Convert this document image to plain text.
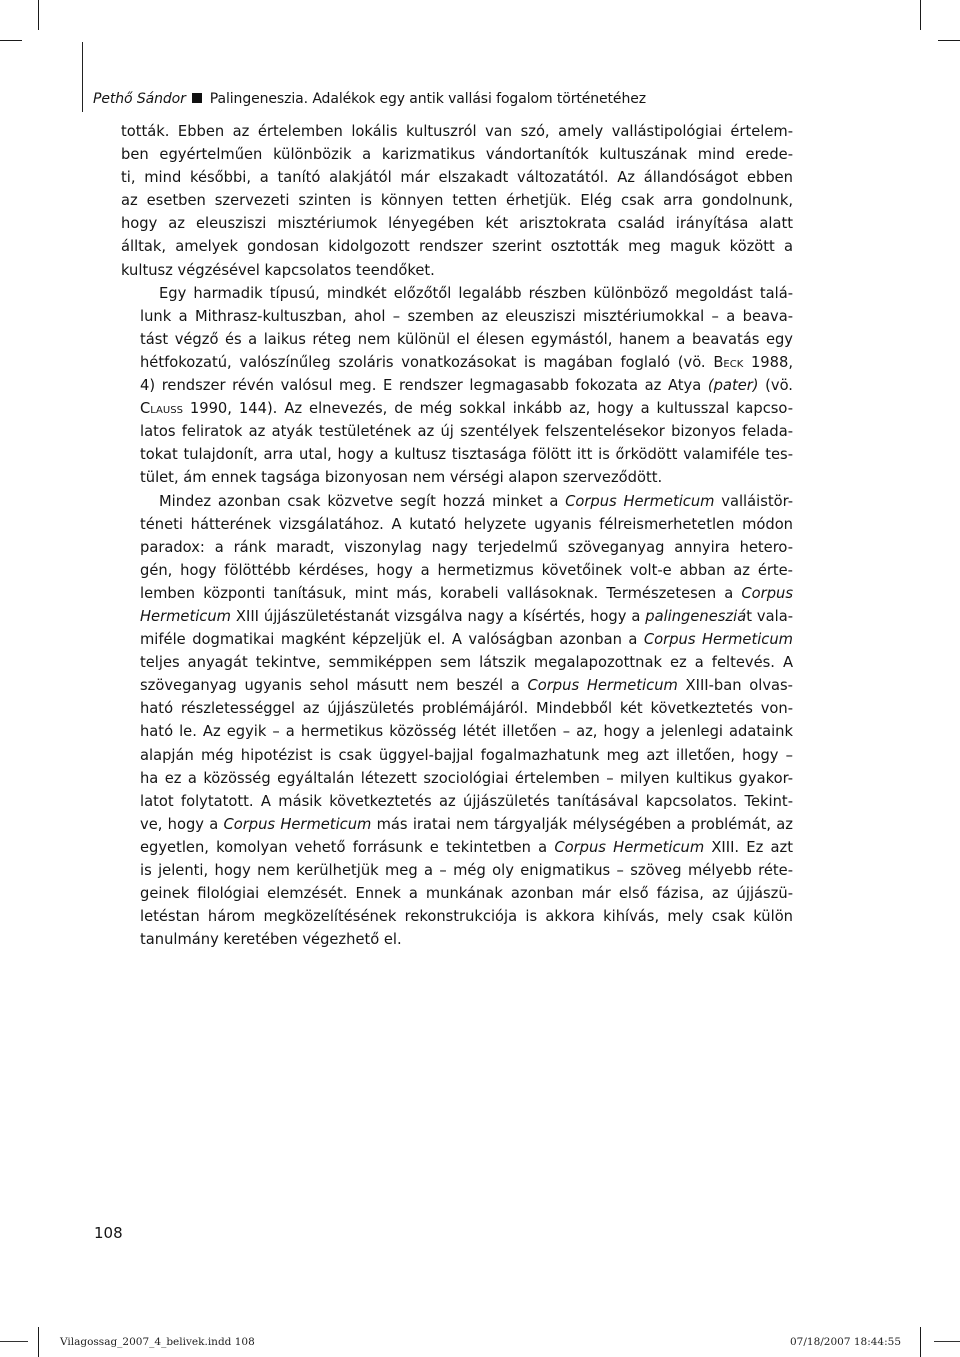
Pethő Sándor Palingeneszia. Adalékok egy antik vallási fogalom történetéhez

tották. Ebben az értelemben lokális kultuszról van szó, amely vallástipológiai értelem-
ben egyértelműen különbözik a karizmatikus vándortanítók kultuszának mind erede-
ti, mind későbbi, a tanító alakjától már elszakadt változatától. Az állandóságot ebben
az esetben szervezeti szinten is könnyen tetten érhetjük. Elég csak arra gondolnunk,
hogy az eleusziszi misztériumok lényegében két arisztokrata család irányítása alatt
álltak, amelyek gondosan kidolgozott rendszer szerint osztották meg maguk között a
kultusz végzésével kapcsolatos teendőket.

Egy harmadik típusú, mindkét előzőtől legalább részben különböző megoldást talá-
lunk a Mithrasz-kultuszban, ahol – szemben az eleusziszi misztériumokkal – a beava-
tást végző és a laikus réteg nem különül el élesen egymástól, hanem a beavatás egy
hétfokozatú, valószínűleg szoláris vonatkozásokat is magában foglaló (vö. Beck 1988,
4) rendszer révén valósul meg. E rendszer legmagasabb fokozata az Atya (pater) (vö.
Clauss 1990, 144). Az elnevezés, de még sokkal inkább az, hogy a kultusszal kapcso-
latos feliratok az atyák testületének az új szentélyek felszentelésekor bizonyos felada-
tokat tulajdonít, arra utal, hogy a kultusz tisztasága fölött itt is őrködött valamiféle tes-
tület, ám ennek tagsága bizonyosan nem vérségi alapon szerveződött.

Mindez azonban csak közvetve segít hozzá minket a Corpus Hermeticum valláistör-
téneti hátterének vizsgálatához. A kutató helyzete ugyanis félreismerhetetlen módon
paradox: a ránk maradt, viszonylag nagy terjedelmű szöveganyag annyira hetero-
gén, hogy fölöttébb kérdéses, hogy a hermetizmus követőinek volt-e abban az érte-
lemben központi tanításuk, mint más, korabeli vallásoknak. Természetesen a Corpus
Hermeticum XIII újjászületéstanát vizsgálva nagy a kísértés, hogy a palingenesziát vala-
miféle dogmatikai magként képzeljük el. A valóságban azonban a Corpus Hermeticum
teljes anyagát tekintve, semmiképpen sem látszik megalapozottnak ez a feltevés. A
szöveganyag ugyanis sehol másutt nem beszél a Corpus Hermeticum XIII-ban olvas-
ható részletességgel az újjászületés problémájáról. Mindebből két következtetés von-
ható le. Az egyik – a hermetikus közösség létét illetően – az, hogy a jelenlegi adataink
alapján még hipotézist is csak üggyel-bajjal fogalmazhatunk meg azt illetően, hogy –
ha ez a közösség egyáltalán létezett szociológiai értelemben – milyen kultikus gyakor-
latot folytatott. A másik következtetés az újjászületés tanításával kapcsolatos. Tekint-
ve, hogy a Corpus Hermeticum más iratai nem tárgyalják mélységében a problémát, az
egyetlen, komolyan vehető forrásunk e tekintetben a Corpus Hermeticum XIII. Ez azt
is jelenti, hogy nem kerülhetjük meg a – még oly enigmatikus – szöveg mélyebb réte-
geinek filológiai elemzését. Ennek a munkának azonban már első fázisa, az újjászü-
letéstan három megközelítésének rekonstrukciója is akkora kihívás, mely csak külön
tanulmány keretében végezhető el.

108
Vilagossag_2007_4_belivek.indd 108	07/18/2007 18:44:55
